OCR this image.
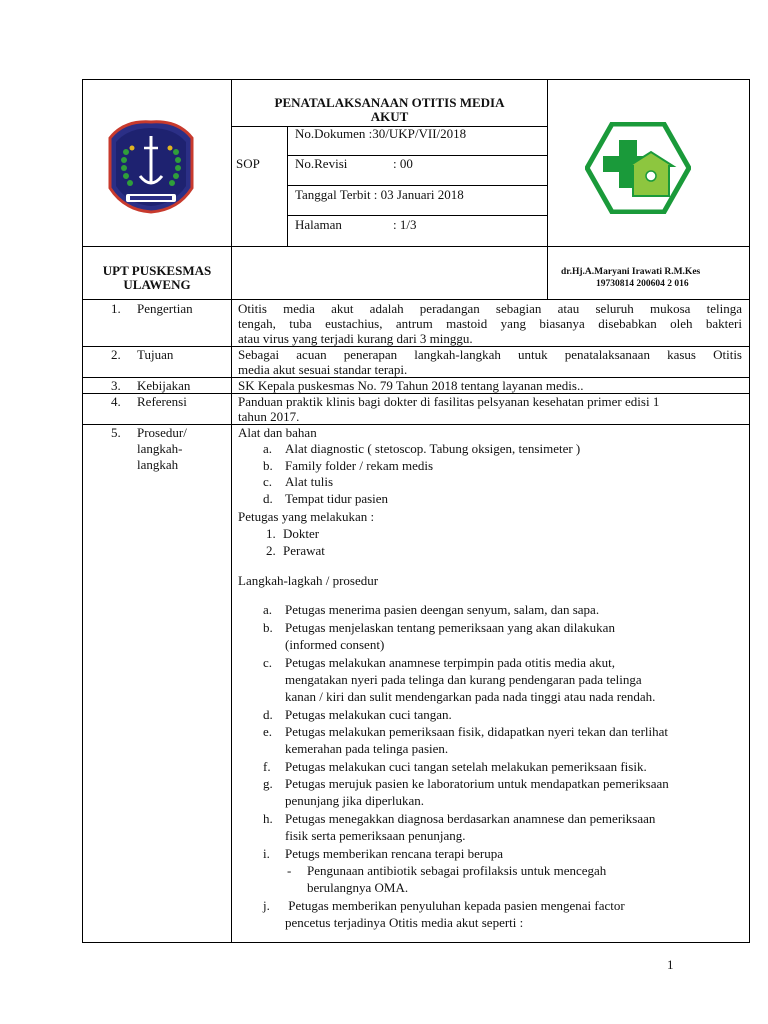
PENATALAKSANAAN OTITIS MEDIA
AKUT
SOP
No.Dokumen :30/UKP/VII/2018
No.Revisi	: 00
Tanggal Terbit : 03 Januari 2018
Halaman	: 1/3
UPT PUSKESMAS
ULAWENG
dr.Hj.A.Maryani Irawati R.M.Kes
19730814 200604 2 016
1. Pengertian
2. Tujuan
3. Kebijakan
4. Referensi
5. Prosedur/
langkah-
langkah
Otitis media akut adalah peradangan sebagian atau seluruh mukosa telinga
tengah, tuba eustachius, antrum mastoid yang biasanya disebabkan oleh bakteri
atau virus yang terjadi kurang dari 3 minggu.
Sebagai acuan penerapan langkah-langkah untuk penatalaksanaan kasus Otitis
media akut sesuai standar terapi.
SK Kepala puskesmas No. 79 Tahun 2018 tentang layanan medis..
Panduan praktik klinis bagi dokter di fasilitas pelsyanan kesehatan primer edisi 1
tahun 2017.
Alat dan bahan
a. Alat diagnostic ( stetoscop. Tabung oksigen, tensimeter )
b. Family folder / rekam medis
c. Alat tulis
d. Tempat tidur pasien
Petugas yang melakukan :
1. Dokter
2. Perawat
Langkah-lagkah / prosedur
a. Petugas menerima pasien deengan senyum, salam, dan sapa.
b. Petugas menjelaskan tentang pemeriksaan yang akan dilakukan
(informed consent)
c. Petugas melakukan anamnese terpimpin pada otitis media akut,
mengatakan nyeri pada telinga dan kurang pendengaran pada telinga
kanan / kiri dan sulit mendengarkan pada nada tinggi atau nada rendah.
d. Petugas melakukan cuci tangan.
e. Petugas melakukan pemeriksaan fisik, didapatkan nyeri tekan dan terlihat
kemerahan pada telinga pasien.
f. Petugas melakukan cuci tangan setelah melakukan pemeriksaan fisik.
g. Petugas merujuk pasien ke laboratorium untuk mendapatkan pemeriksaan
penunjang jika diperlukan.
h. Petugas menegakkan diagnosa berdasarkan anamnese dan pemeriksaan
fisik serta pemeriksaan penunjang.
i. Petugs memberikan rencana terapi berupa
- Pengunaan antibiotik sebagai profilaksis untuk mencegah
berulangnya OMA.
j. Petugas memberikan penyuluhan kepada pasien mengenai factor
pencetus terjadinya Otitis media akut seperti :
1
